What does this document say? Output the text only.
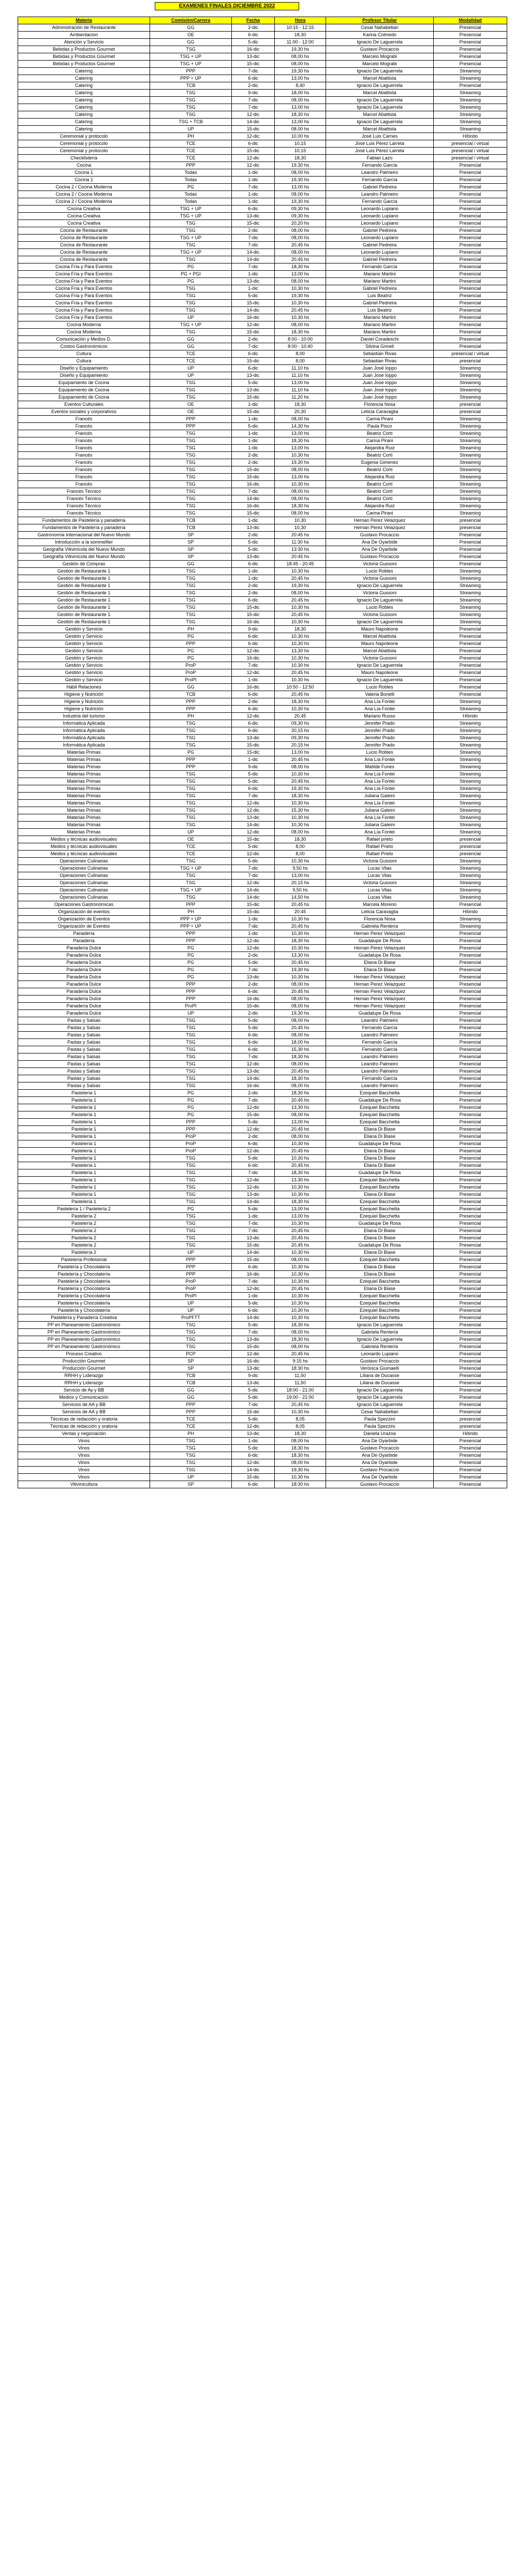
EXAMENES FINALES DICIEMBRE 2022
Materia	Comisión/Carrera	Fecha	Hora	Profesor Titular	Modalidad
Administración de Restaurante	GG	2-dic	10:15 - 12:15	Cesar Nahabetian	Presencial
Ambientacion	OE	6-dic	18,30	Karina Colmedo	Presencial
Atención y Servicio	GG	5-dic	11:00 - 12:00	Ignacio De Laguerrela	Presencial
Bebidas y Productos Gourmet	TSG	16-dic	19,30 hs	Gustavo Procaccio	Presencial
Bebidas y Productos Gourmet	TSG + UP	13-dic	08,00 hs	Marcelo Mograbi	Presencial
Bebidas y Productos Gourmet	TSG + UP	15-dic	08,00 hs	Marcelo Mograbi	Presencial
Catering	PPP	7-dic	19,30 hs	Ignacio De Laguerrela	Streaming
Catering	PPP + UP	6-dic	13,00 hs	Marcel Abattista	Streaming
Catering	TCB	2-dic	8,40	Ignacio De Laguerrela	Presencial
Catering	TSG	9-dic	18,00 hs	Marcel Abattista	Streaming
Catering	TSG	7-dic	08,00 hs	Ignacio De Laguerrela	Streaming
Catering	TSG	7-dic	13,00 hs	Ignacio De Laguerrela	Streaming
Catering	TSG	12-dic	18,30 hs	Marcel Abattista	Streaming
Catering	TSG + TCB	14-dic	13,00 hs	Ignacio De Laguerrela	Streaming
Catering	UP	15-dic	08,00 hs	Marcel Abattista	Streaming
Ceremonial y protocolo	PH	12-dic	10,00 hs	José Luis Carnes	Híbrido
Ceremonial y protocolo	TCE	6-dic	10,15	José Luis Pérez Larreta	presencial / virtual
Ceremonial y protocolo	TCE	15-dic	10,15	José Luis Pérez Larreta	presencial / virtual
Checklistería	TCE	12-dic	18,30	Fabian Lazo	presencial / virtual
Cocina	PPP	12-dic	19,30 hs	Fernando García	Presencial
Cocina 1	Todas	1-dic	08,00 hs	Leandro Palmeiro	Presencial
Cocina 1	Todas	1-dic	19,30 hs	Fernando García	Presencial
Cocina 2 / Cocina Moderna	PG	7-dic	13,00 hs	Gabriel Pedreira	Presencial
Cocina 2 / Cocina Moderna	Todas	1-dic	08,00 hs	Leandro Palmeiro	Presencial
Cocina 2 / Cocina Moderna	Todas	1-dic	19,30 hs	Fernando García	Presencial
Cocina Creativa	TSG + UP	6-dic	09,30 hs	Leonardo Lupiano	Presencial
Cocina Creativa	TSG + UP	13-dic	09,30 hs	Leonardo Lupiano	Presencial
Cocina Creativa	TSG	15-dic	20,20 hs	Leonardo Lupiano	Presencial
Cocina de Restaurante	TSG	2-dic	08,00 hs	Gabriel Pedreira	Presencial
Cocina de Restaurante	TSG + UP	7-dic	08,00 hs	Leonardo Lupiano	Presencial
Cocina de Restaurante	TSG	7-dic	20,45 hs	Gabriel Pedreira	Presencial
Cocina de Restaurante	TSG + UP	14-dic	08,00 hs	Leonardo Lupiano	Presencial
Cocina de Restaurante	TSG	14-dic	20,45 hs	Gabriel Pedreira	Presencial
Cocina Fría y Para Eventos	PG	7-dic	18,30 hs	Fernando García	Presencial
Cocina Fría y Para Eventos	PG + PGI	1-dic	13,00 hs	Mariano Martini	Presencial
Cocina Fría y Para Eventos	PG	13-dic	08,00 hs	Mariano Martini	Presencial
Cocina Fría y Para Eventos	TSG	1-dic	10,30 hs	Gabriel Pedreira	Presencial
Cocina Fría y Para Eventos	TSG	5-dic	19,30 hs	Luis Beatriz	Presencial
Cocina Fría y Para Eventos	TSG	15-dic	10,30 hs	Gabriel Pedreira	Presencial
Cocina Fría y Para Eventos	TSG	14-dic	20,45 hs	Luis Beatriz	Presencial
Cocina Fría y Para Eventos	UP	16-dic	10,30 hs	Mariano Martini	Presencial
Cocina Moderna	TSG + UP	12-dic	08,00 hs	Mariano Martini	Presencial
Cocina Moderna	TSG	15-dic	18,30 hs	Mariano Martini	Presencial
Comunicación y Medios D.	GG	2-dic	8:00 - 10:00	Daniel Coradeschi	Presencial
Costos Gastronómicos	GG	7-dic	8:00 - 10:40	Silvina Grinell	Presencial
Cultura	TCE	6-dic	8,00	Sebastian Rivas	presencial / virtual
Cultura	TCE	15-dic	8,00	Sebastian Rivas	presencial
Diseño y Equipamiento	UP	6-dic	11,10 hs	Juan José Ioppo	Streaming
Diseño y Equipamiento	UP	13-dic	11,10 hs	Juan José Ioppo	Streaming
Equipamiento de Cocina	TSG	5-dic	13,00 hs	Juan José Ioppo	Streaming
Equipamiento de Cocina	TSG	13-dic	11,10 hs	Juan José Ioppo	Streaming
Equipamiento de Cocina	TSG	15-dic	11,20 hs	Juan José Ioppo	Streaming
Eventos Culturales	OE	1-dic	18,30	Florencia Nosa	presencial
Eventos sociales y corporativos	OE	15-dic	20,30	Leticia Caravaglia	presencial
Francés	PPP	1-dic	08,00 hs	Carina Pirani	Streaming
Francés	PPP	5-dic	14,30 hs	Paula Pisco	Streaming
Francés	TSG	1-dic	13,00 hs	Beatriz Corti	Streaming
Francés	TSG	1-dic	18,30 hs	Carina Pirani	Streaming
Francés	TSG	1-dic	13,00 hs	Alejandra Ruiz	Streaming
Francés	TSG	2-dic	10,30 hs	Beatriz Corti	Streaming
Francés	TSG	2-dic	19,30 hs	Eugenia Gimenez	Streaming
Francés	TSG	15-dic	08,00 hs	Beatriz Corti	Streaming
Francés	TSG	15-dic	13,00 hs	Alejandra Ruiz	Streaming
Francés	TSG	16-dic	10,30 hs	Beatriz Corti	Streaming
Francés Técnico	TSG	7-dic	08,00 hs	Beatriz Corti	Streaming
Francés Técnico	TSG	14-dic	08,00 hs	Beatriz Corti	Streaming
Francés Técnico	TSG	16-dic	18,30 hs	Alejandra Ruiz	Streaming
Francés Técnico	TSG	15-dic	08,00 hs	Carina Pirani	Streaming
Fundamentos de Pastelería y panadería	TCB	1-dic	10,30	Hernan Perez Velazquez	presencial
Fundamentos de Pastelería y panadería	TCB	13-dic	10,30	Hernan Perez Velazquez	presencial
Gastronomía Internacional del Nuevo Mundo	SP	2-dic	20:45 hs	Gustavo Procaccio	Presencial
Introducción a la sommellier	SP	5-dic	11:30 hs	Ana De Oyarbide	Presencial
Geografía Vitivinícola del Nuevo Mundo	SP	5-dic	13:30 hs	Ana De Oyarbide	Presencial
Geografía Vitivinícola del Nuevo Mundo	SP	13-dic	20:45 hs	Gustavo Procaccio	Presencial
Gestión de Compras	GG	6-dic	18:45 - 20:45	Victoria Gussoni	Presencial
Gestión de Restaurante 1	TSG	1-dic	10,30 hs	Lucio Robles	Streaming
Gestión de Restaurante 1	TSG	1-dic	20,45 hs	Victoria Gussoni	Streaming
Gestión de Restaurante 1	TSG	2-dic	19,30 hs	Ignacio De Laguerrela	Streaming
Gestión de Restaurante 1	TSG	2-dic	08,00 hs	Victoria Gussoni	Streaming
Gestión de Restaurante 1	TSG	6-dic	20,45 hs	Ignacio De Laguerrela	Streaming
Gestión de Restaurante 1	TSG	15-dic	10,30 hs	Lucio Robles	Streaming
Gestión de Restaurante 1	TSG	15-dic	20,45 hs	Victoria Gussoni	Streaming
Gestión de Restaurante 1	TSG	16-dic	10,30 hs	Ignacio De Laguerrela	Streaming
Gestión y Servicio	PH	9-dic	18,30	Mauro Napoleone	Presencial
Gestión y Servicio	PG	6-dic	10,30 hs	Marcel Abattista	Presencial
Gestión y Servicio	PPP	6-dic	10,30 hs	Mauro Napoleone	Presencial
Gestión y Servicio	PG	12-dic	13,30 hs	Marcel Abattista	Presencial
Gestión y Servicio	PG	16-dic	10,30 hs	Victoria Gussoni	Presencial
Gestión y Servicio	ProP	7-dic	10,30 hs	Ignacio De Laguerrela	Presencial
Gestión y Servicio	ProP	12-dic	20,45 hs	Mauro Napoleone	Presencial
Gestión y Servicio	ProPI	1-dic	10,30 hs	Ignacio De Laguerrela	Presencial
Hábil Relaciones	GG	16-dic	10:50 - 12:50	Lucio Robles	Presencial
Higiene y Nutrición	TCB	6-dic	20,45 hs	Valeria Bonelli	Presencial
Higiene y Nutrición	PPP	2-dic	18,30 hs	Ana Lía Fontei	Streaming
Higiene y Nutrición	PPP	6-dic	10,30 hs	Ana Lía Fontei	Streaming
Industria del turismo	PH	12-dic	20,45	Mariano Russo	Híbrido
Informática Aplicada	TSG	6-dic	09,30 hs	Jennifer Prado	Streaming
Informática Aplicada	TSG	6-dic	20,15 hs	Jennifer Prado	Streaming
Informática Aplicada	TSG	13-dic	09,30 hs	Jennifer Prado	Streaming
Informática Aplicada	TSG	15-dic	20,15 hs	Jennifer Prado	Streaming
Materias Primas	PG	15-dic	13,00 hs	Lucio Robles	Streaming
Materias Primas	PPP	1-dic	20,45 hs	Ana Lía Fontei	Streaming
Materias Primas	PPP	9-dic	08,00 hs	Matilde Funes	Streaming
Materias Primas	TSG	5-dic	10,30 hs	Ana Lía Fontei	Streaming
Materias Primas	TSG	5-dic	20,45 hs	Ana Lía Fontei	Streaming
Materias Primas	TSG	6-dic	19,30 hs	Ana Lía Fontei	Streaming
Materias Primas	TSG	7-dic	18,30 hs	Juliana Galeini	Streaming
Materias Primas	TSG	12-dic	10,30 hs	Ana Lía Fontei	Streaming
Materias Primas	TSG	12-dic	15,30 hs	Juliana Galeini	Streaming
Materias Primas	TSG	13-dic	10,30 hs	Ana Lía Fontei	Streaming
Materias Primas	TSG	14-dic	10,30 hs	Juliana Galeini	Streaming
Materias Primas	UP	12-dic	08,00 hs	Ana Lía Fontei	Streaming
Medios y técnicas audiovisuales	OE	15-dic	18,30	Rafael prieto	presencial
Medios y técnicas audiovisuales	TCE	5-dic	8,00	Rafael Prieto	presencial
Medios y técnicas audiovisuales	TCE	12-dic	8,00	Rafael Prieto	presencial
Operaciones Culinarias	TSG	5-dic	10,30 hs	Victoria Gussoni	Streaming
Operaciones Culinarias	TSG + UP	7-dic	9,50 hs	Lucas Vilas	Streaming
Operaciones Culinarias	TSG	7-dic	13,00 hs	Lucas Vilas	Streaming
Operaciones Culinarias	TSG	12-dic	20,15 hs	Victoria Gussoni	Streaming
Operaciones Culinarias	TSG + UP	14-dic	9,50 hs	Lucas Vilas	Streaming
Operaciones Culinarias	TSG	14-dic	14,50 hs	Lucas Vilas	Streaming
Operaciones Gastronómicas	PPP	15-dic	20,45 hs	Marcela Moreno	Presencial
Organización de eventos	PH	15-dic	20:45	Leticia Caravaglia	Híbrido
Organización de Eventos	PPP + UP	1-dic	10,30 hs	Florencia Nosa	Streaming
Organización de Eventos	PPP + UP	7-dic	20,45 hs	Gabriela Rentería	Streaming
Panadería	PPP	1-dic	10,30 hs	Hernan Perez Velazquez	Presencial
Panadería	PPP	12-dic	18,30 hs	Guadalupe De Rosa	Presencial
Panadería Dulce	PG	12-dic	10,30 hs	Hernan Perez Velazquez	Presencial
Panadería Dulce	PG	2-dic	13,30 hs	Guadalupe De Rosa	Presencial
Panadería Dulce	PG	5-dic	20,45 hs	Eliana Di Biase	Presencial
Panadería Dulce	PG	7-dic	19,30 hs	Eliana Di Biase	Presencial
Panadería Dulce	PG	13-dic	10,30 hs	Hernan Perez Velazquez	Presencial
Panadería Dulce	PPP	2-dic	08,00 hs	Hernan Perez Velazquez	Presencial
Panadería Dulce	PPP	6-dic	20,45 hs	Hernan Perez Velazquez	Presencial
Panadería Dulce	PPP	16-dic	08,00 hs	Hernan Perez Velazquez	Presencial
Panadería Dulce	ProPI	15-dic	08,00 hs	Hernan Perez Velazquez	Presencial
Panadería Dulce	UP	2-dic	19,30 hs	Guadalupe De Rosa	Presencial
Pastas y Salsas	TSG	5-dic	08,00 hs	Leandro Palmeiro	Presencial
Pastas y Salsas	TSG	5-dic	20,45 hs	Fernando García	Presencial
Pastas y Salsas	TSG	6-dic	08,00 hs	Leandro Palmeiro	Presencial
Pastas y Salsas	TSG	6-dic	18,00 hs	Fernando García	Presencial
Pastas y Salsas	TSG	6-dic	15,30 hs	Fernando García	Presencial
Pastas y Salsas	TSG	7-dic	18,30 hs	Leandro Palmeiro	Presencial
Pastas y Salsas	TSG	12-dic	08,00 hs	Leandro Palmeiro	Presencial
Pastas y Salsas	TSG	13-dic	20,45 hs	Leandro Palmeiro	Presencial
Pastas y Salsas	TSG	14-dic	18,30 hs	Fernando García	Presencial
Pastas y Salsas	TSG	16-dic	08,00 hs	Leandro Palmeiro	Presencial
Pastelería 1	PG	2-dic	18,30 hs	Ezequiel Bacchetta	Presencial
Pastelería 1	PG	7-dic	20,45 hs	Guadalupe De Rosa	Presencial
Pastelería 1	PG	12-dic	13,30 hs	Ezequiel Bacchetta	Presencial
Pastelería 1	PG	15-dic	08,00 hs	Ezequiel Bacchetta	Presencial
Pastelería 1	PPP	5-dic	13,00 hs	Ezequiel Bacchetta	Presencial
Pastelería 1	PPP	12-dic	20,45 hs	Eliana Di Biase	Presencial
Pastelería 1	ProP	2-dic	08,00 hs	Eliana Di Biase	Presencial
Pastelería 1	ProP	6-dic	10,30 hs	Guadalupe De Rosa	Presencial
Pastelería 1	ProP	12-dic	20,45 hs	Eliana Di Biase	Presencial
Pastelería 1	TSG	5-dic	10,30 hs	Eliana Di Biase	Presencial
Pastelería 1	TSG	6-dic	20,45 hs	Eliana Di Biase	Presencial
Pastelería 1	TSG	7-dic	18,30 hs	Guadalupe De Rosa	Presencial
Pastelería 1	TSG	12-dic	13,30 hs	Ezequiel Bacchetta	Presencial
Pastelería 1	TSG	12-dic	10,30 hs	Ezequiel Bacchetta	Presencial
Pastelería 1	TSG	13-dic	10,30 hs	Eliana Di Biase	Presencial
Pastelería 1	TSG	14-dic	18,30 hs	Ezequiel Bacchetta	Presencial
Pastelería 1 / Pastelería 2	PG	5-dic	13,00 hs	Ezequiel Bacchetta	Presencial
Pastelería 2	TSG	1-dic	13,00 hs	Ezequiel Bacchetta	Presencial
Pastelería 2	TSG	7-dic	10,30 hs	Guadalupe De Rosa	Presencial
Pastelería 2	TSG	7-dic	20,45 hs	Eliana Di Biase	Presencial
Pastelería 2	TSG	13-dic	20,45 hs	Eliana Di Biase	Presencial
Pastelería 2	TSG	15-dic	20,45 hs	Guadalupe De Rosa	Presencial
Pastelería 2	UP	14-dic	10,30 hs	Eliana Di Biase	Presencial
Pastelería Profesional	PPP	15-dic	08,00 hs	Ezequiel Bacchetta	Presencial
Pastelería y Chocolatería	PPP	6-dic	10,30 hs	Eliana Di Biase	Presencial
Pastelería y Chocolatería	PPP	16-dic	10,30 hs	Eliana Di Biase	Presencial
Pastelería y Chocolatería	ProP	7-dic	10,30 hs	Ezequiel Bacchetta	Presencial
Pastelería y Chocolatería	ProP	12-dic	20,45 hs	Eliana Di Biase	Presencial
Pastelería y Chocolatería	ProPI	1-dic	10,30 hs	Ezequiel Bacchetta	Presencial
Pastelería y Chocolatería	UP	5-dic	10,30 hs	Ezequiel Bacchetta	Presencial
Pastelería y Chocolatería	UP	6-dic	10,30 hs	Ezequiel Bacchetta	Presencial
Pastelería y Panadería Creativa	ProPFTT	14-dic	10,30 hs	Ezequiel Bacchetta	Presencial
PP en Planeamiento Gastronómico	TSG	5-dic	18,30 hs	Ignacio De Laguerrela	Presencial
PP en Planeamiento Gastronómico	TSG	7-dic	08,00 hs	Gabriela Rentería	Presencial
PP en Planeamiento Gastronómico	TSG	13-dic	18,30 hs	Ignacio De Laguerrela	Presencial
PP en Planeamiento Gastronómico	TSG	15-dic	08,00 hs	Gabriela Rentería	Presencial
Proceso Creativo	PCP	12-dic	20,45 hs	Leonardo Lupiano	Presencial
Producción Gourmet	SP	16-dic	9:15 hs	Gustavo Procaccio	Presencial
Producción Gourmet	SP	13-dic	18:30 hs	Verónica Giumaelli	Presencial
RRHH y Liderazgo	TCB	9-dic	11,50	Liliana de Ducasse	Presencial
RRHH y Liderazgo	TCB	13-dic	11,50	Liliana de Ducasse	Presencial
Servicio de Ay y BB	GG	5-dic	18:00 - 21:00	Ignacio De Laguerrela	Presencial
Medios y Comunicación	GG	5-dic	19:00 - 21:00	Ignacio De Laguerrela	Presencial
Servicios de AA y BB	PPP	7-dic	20,45 hs	Ignacio De Laguerrela	Presencial
Servicios de AA y BB	PPP	15-dic	10,30 hs	Cesar Nahabetian	Presencial
Técnicas de redacción y oratoria	TCE	5-dic	8,05	Paula Spezzini	presencial
Técnicas de redacción y oratoria	TCE	12-dic	8,05	Paula Spezzini	presencial
Ventas y negociación	PH	13-dic	18,30	Daniela Urazoa	Híbrido
Vinos	TSG	1-dic	08,00 hs	Ana De Oyarbide	Presencial
Vinos	TSG	5-dic	18,30 hs	Gustavo Procaccio	Presencial
Vinos	TSG	6-dic	18,30 hs	Ana De Oyarbide	Presencial
Vinos	TSG	12-dic	08,00 hs	Ana De Oyarbide	Presencial
Vinos	TSG	14-dic	19,30 hs	Gustavo Procaccio	Presencial
Vinos	UP	15-dic	10,30 hs	Ana De Oyarbide	Presencial
Vitivinicultura	SP	6-dic	18:30 hs	Gustavo Procaccio	Presencial
